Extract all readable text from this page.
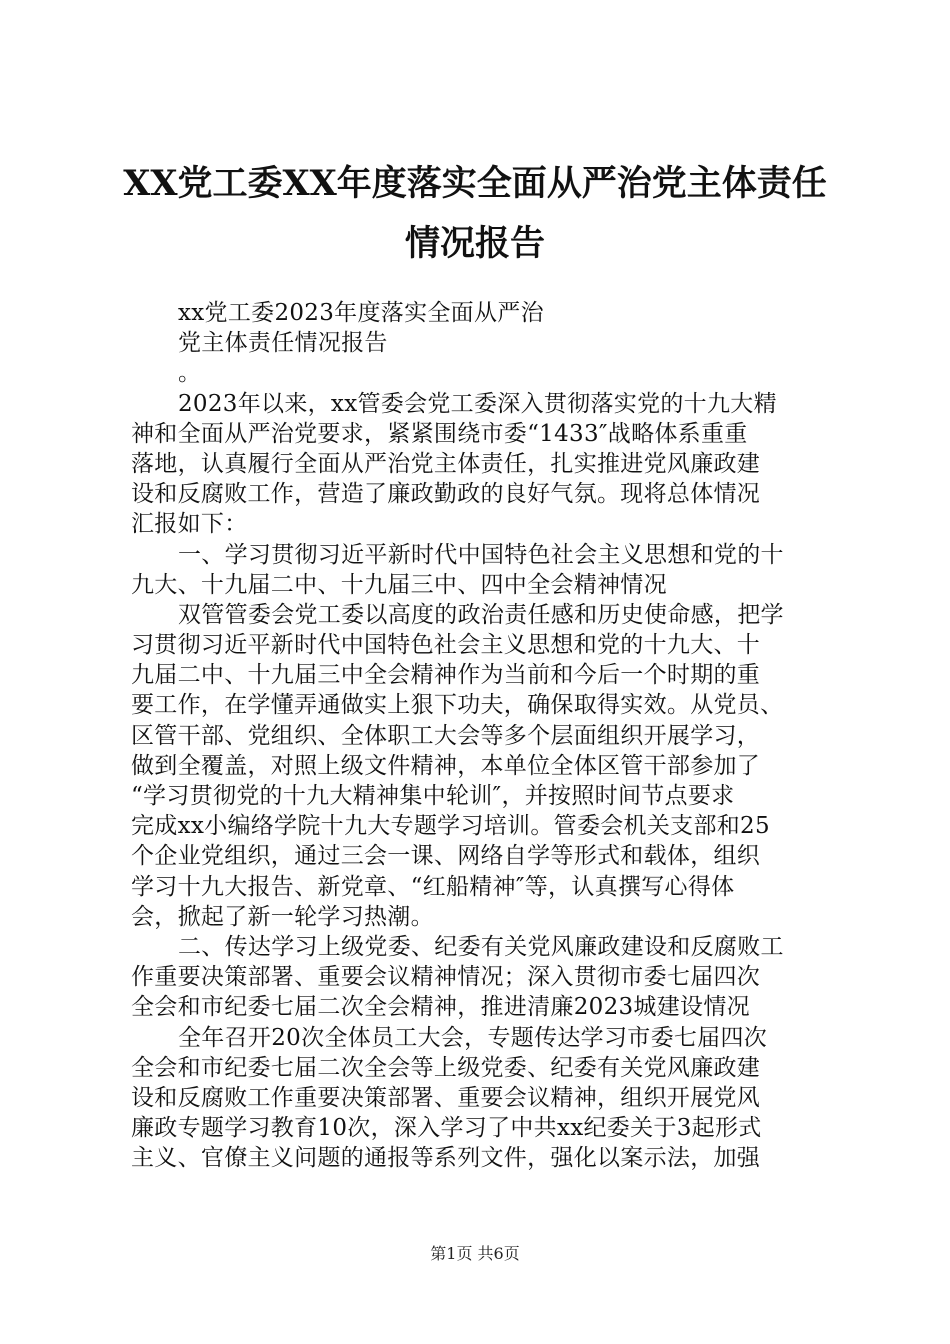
XX党工委XX年度落实全面从严治党主体责任
情况报告
xx党工委2023年度落实全面从严治
党主体责任情况报告
。
2023年以来，xx管委会党工委深入贯彻落实党的十九大精
神和全面从严治党要求，紧紧围绕市委“1433″战略体系重重
落地，认真履行全面从严治党主体责任，扎实推进党风廉政建
设和反腐败工作，营造了廉政勤政的良好气氛。现将总体情况
汇报如下：
一、学习贯彻习近平新时代中国特色社会主义思想和党的十
九大、十九届二中、十九届三中、四中全会精神情况
双管管委会党工委以高度的政治责任感和历史使命感，把学
习贯彻习近平新时代中国特色社会主义思想和党的十九大、十
九届二中、十九届三中全会精神作为当前和今后一个时期的重
要工作，在学懂弄通做实上狠下功夫，确保取得实效。从党员、
区管干部、党组织、全体职工大会等多个层面组织开展学习，
做到全覆盖，对照上级文件精神，本单位全体区管干部参加了
“学习贯彻党的十九大精神集中轮训″，并按照时间节点要求
完成xx小编络学院十九大专题学习培训。管委会机关支部和25
个企业党组织，通过三会一课、网络自学等形式和载体，组织
学习十九大报告、新党章、“红船精神″等，认真撰写心得体
会，掀起了新一轮学习热潮。
二、传达学习上级党委、纪委有关党风廉政建设和反腐败工
作重要决策部署、重要会议精神情况；深入贯彻市委七届四次
全会和市纪委七届二次全会精神，推进清廉2023城建设情况
全年召开20次全体员工大会，专题传达学习市委七届四次
全会和市纪委七届二次全会等上级党委、纪委有关党风廉政建
设和反腐败工作重要决策部署、重要会议精神，组织开展党风
廉政专题学习教育10次，深入学习了中共xx纪委关于3起形式
主义、官僚主义问题的通报等系列文件，强化以案示法，加强
第1页 共6页
